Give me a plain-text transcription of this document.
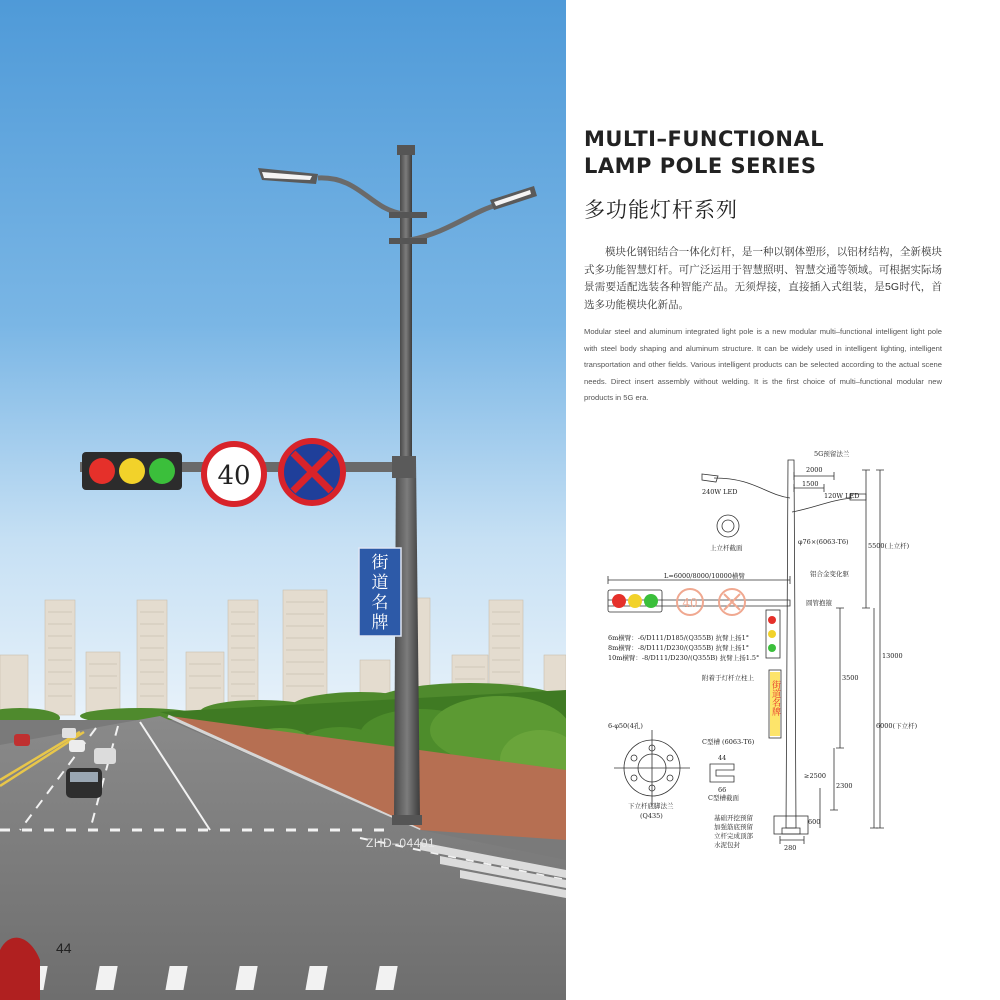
40
街
道
名
牌
ZHD–04401
44
MULTI–FUNCTIONAL
LAMP POLE SERIES
多功能灯杆系列
模块化钢铝结合一体化灯杆，是一种以钢体塑形，以铝材结构，全新模块式多功能智慧灯杆。可广泛运用于智慧照明、智慧交通等领域。可根据实际场景需要适配选装各种智能产品。无须焊接，直接插入式组装，是5G时代，首选多功能模块化新品。
Modular steel and aluminum integrated light pole is a new modular multi–functional intelligent light pole with steel body shaping and aluminum structure. It can be widely used in intelligent lighting, intelligent transportation and other fields. Various intelligent products can be selected according to the actual scene needs. Direct insert assembly without welding. It is the first choice of multi–functional modular new products in 5G era.
40
街道名牌
5G预留法兰
240W LED	120W LED
2000
1500
上立杆截面
φ76×(6063-T6)
L=6000/8000/10000横臂	铝合金变化驱
圆管抱箍
6m横臂：-6/D111/D185/(Q355B) 抗臂上扬1°
8m横臂：-8/D111/D230/(Q355B) 抗臂上扬1°
10m横臂：-8/D111/D230/(Q355B) 抗臂上扬1.5°
附着于灯杆立柱上	3500
2300
13000
5500(上立杆)
6000(下立杆)
≥2500
600
280
44
66
6-φ50(4孔)
下立杆底脚法兰
(Q435)
C型槽截面
C型槽 (6063-T6)
基础开挖预留
加强筋底预留
立杆完成顶部
水泥包封
